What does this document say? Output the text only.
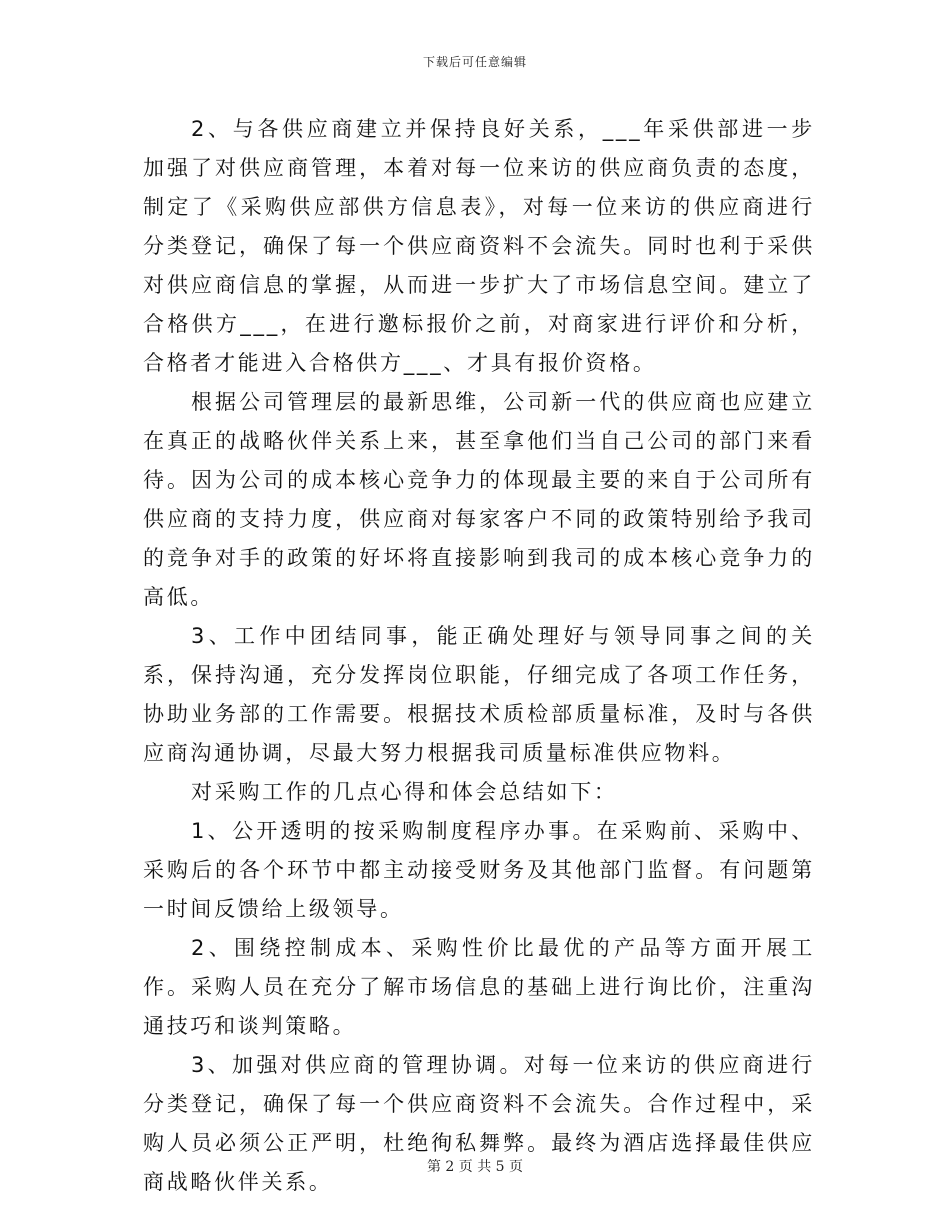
下载后可任意编辑

2、与各供应商建立并保持良好关系，___年采供部进一步加强了对供应商管理，本着对每一位来访的供应商负责的态度，制定了《采购供应部供方信息表》，对每一位来访的供应商进行分类登记，确保了每一个供应商资料不会流失。同时也利于采供对供应商信息的掌握，从而进一步扩大了市场信息空间。建立了合格供方___，在进行邀标报价之前，对商家进行评价和分析，合格者才能进入合格供方___、才具有报价资格。

根据公司管理层的最新思维，公司新一代的供应商也应建立在真正的战略伙伴关系上来，甚至拿他们当自己公司的部门来看待。因为公司的成本核心竞争力的体现最主要的来自于公司所有供应商的支持力度，供应商对每家客户不同的政策特别给予我司的竞争对手的政策的好坏将直接影响到我司的成本核心竞争力的高低。

3、工作中团结同事，能正确处理好与领导同事之间的关系，保持沟通，充分发挥岗位职能，仔细完成了各项工作任务，协助业务部的工作需要。根据技术质检部质量标准，及时与各供应商沟通协调，尽最大努力根据我司质量标准供应物料。

对采购工作的几点心得和体会总结如下：

1、公开透明的按采购制度程序办事。在采购前、采购中、采购后的各个环节中都主动接受财务及其他部门监督。有问题第一时间反馈给上级领导。

2、围绕控制成本、采购性价比最优的产品等方面开展工作。采购人员在充分了解市场信息的基础上进行询比价，注重沟通技巧和谈判策略。

3、加强对供应商的管理协调。对每一位来访的供应商进行分类登记，确保了每一个供应商资料不会流失。合作过程中，采购人员必须公正严明，杜绝徇私舞弊。最终为酒店选择最佳供应商战略伙伴关系。

第 2 页 共 5 页
